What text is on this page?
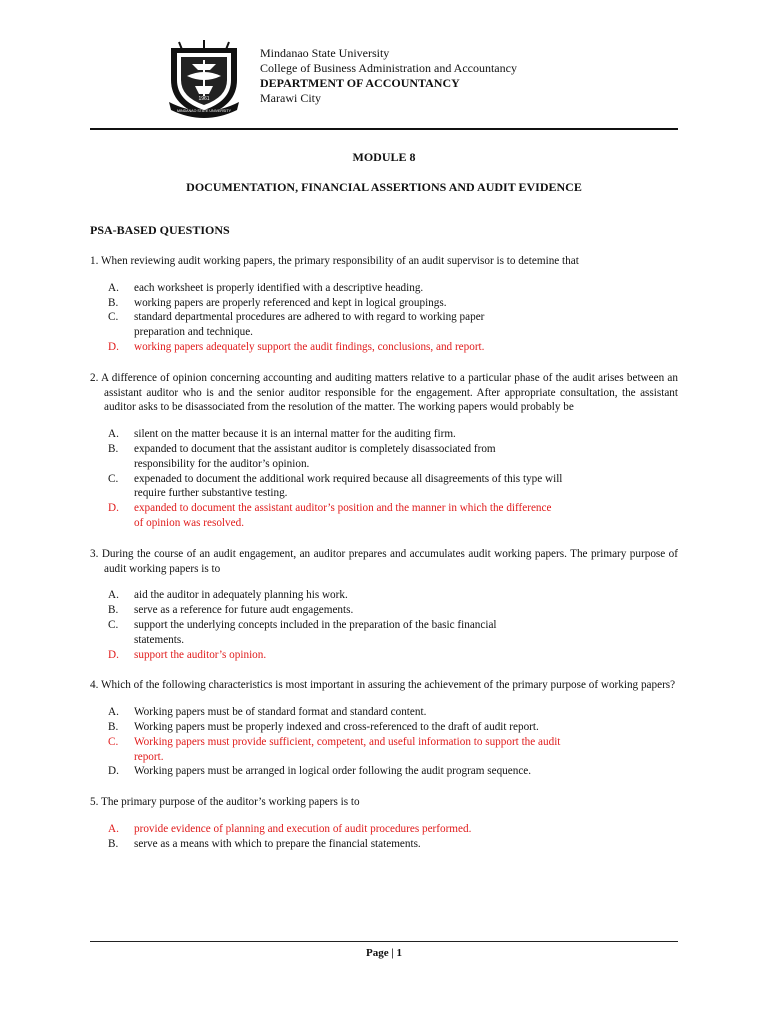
1961
MINDANAO STATE UNIVERSITY
Mindanao State University
College of Business Administration and Accountancy
DEPARTMENT OF ACCOUNTANCY
Marawi City
MODULE 8
DOCUMENTATION, FINANCIAL ASSERTIONS AND AUDIT EVIDENCE
PSA-BASED QUESTIONS
1. When reviewing audit working papers, the primary responsibility of an audit supervisor is to detemine that
A.	each worksheet is properly identified with a descriptive heading.
B.	working papers are properly referenced and kept in logical groupings.
C.	standard departmental procedures are adhered to with regard to working paper preparation and technique.
D.	working papers adequately support the audit findings, conclusions, and report.
2. A difference of opinion concerning accounting and auditing matters relative to a particular phase of the audit arises between an assistant auditor who is and the senior auditor responsible for the engagement. After appropriate consultation, the assistant auditor asks to be disassociated from the resolution of the matter. The working papers would probably be
A.	silent on the matter because it is an internal matter for the auditing firm.
B.	expanded to document that the assistant auditor is completely disassociated from responsibility for the auditor’s opinion.
C.	expenaded to document the additional work required because all disagreements of this type will require further substantive testing.
D.	expanded to document the assistant auditor’s position and the manner in which the difference of opinion was resolved.
3. During the course of an audit engagement, an auditor prepares and accumulates audit working papers. The primary purpose of audit working papers is to
A.	aid the auditor in adequately planning his work.
B.	serve as a reference for future audt engagements.
C.	support the underlying concepts included in the preparation of the basic financial statements.
D.	support the auditor’s opinion.
4. Which of the following characteristics is most important in assuring the achievement of the primary purpose of working papers?
A.	Working papers must be of standard format and standard content.
B.	Working papers must be properly indexed and cross-referenced to the draft of audit report.
C.	Working papers must provide sufficient, competent, and useful information to support the audit report.
D.	Working papers must be arranged in logical order following the audit program sequence.
5. The primary purpose of the auditor’s working papers is to
A.	provide evidence of planning and execution of audit procedures performed.
B.	serve as a means with which to prepare the financial statements.
Page | 1
